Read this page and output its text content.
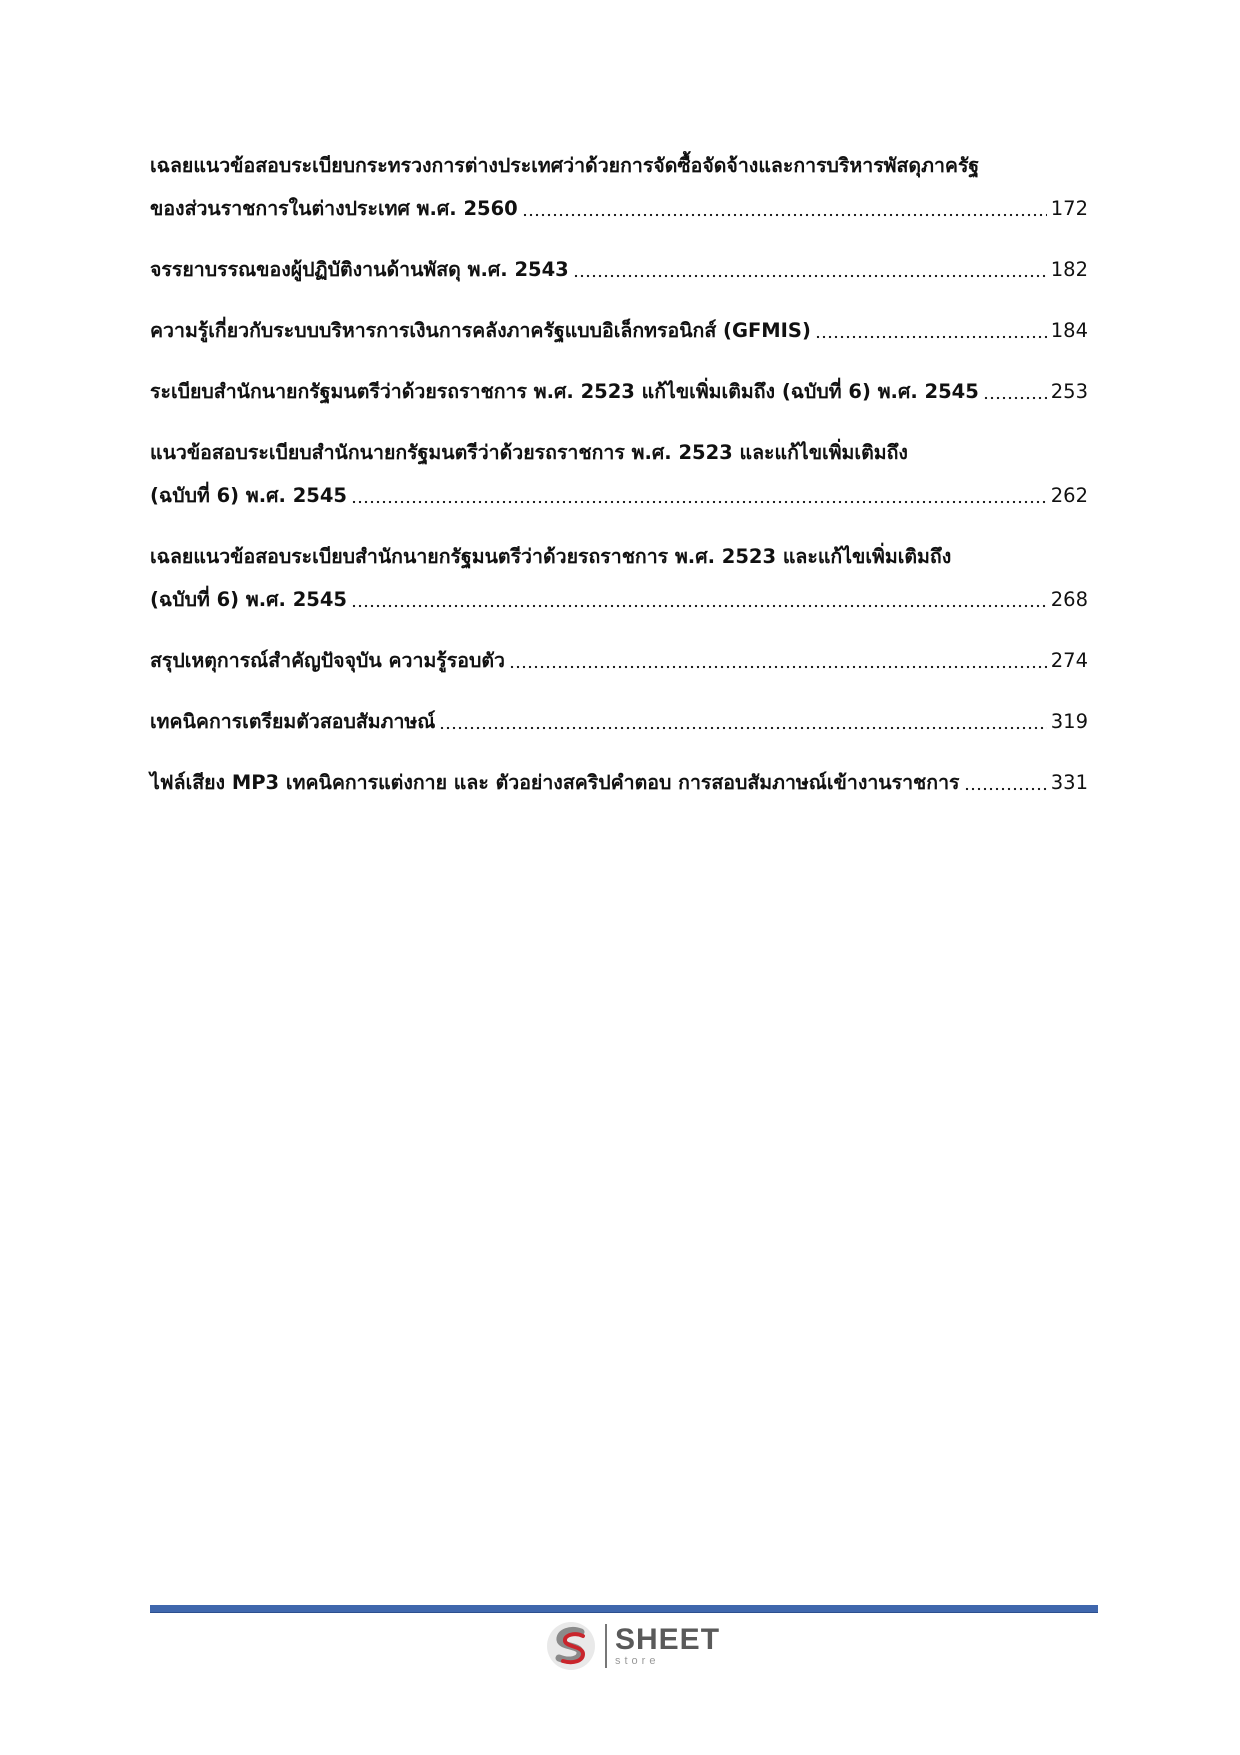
เฉลยแนวข้อสอบระเบียบกระทรวงการต่างประเทศว่าด้วยการจัดซื้อจัดจ้างและการบริหารพัสดุภาครัฐ
ของส่วนราชการในต่างประเทศ พ.ศ. 2560	172
จรรยาบรรณของผู้ปฏิบัติงานด้านพัสดุ พ.ศ. 2543	182
ความรู้เกี่ยวกับระบบบริหารการเงินการคลังภาครัฐแบบอิเล็กทรอนิกส์ (GFMIS)	184
ระเบียบสำนักนายกรัฐมนตรีว่าด้วยรถราชการ พ.ศ. 2523 แก้ไขเพิ่มเติมถึง (ฉบับที่ 6) พ.ศ. 2545	253
แนวข้อสอบระเบียบสำนักนายกรัฐมนตรีว่าด้วยรถราชการ พ.ศ. 2523 และแก้ไขเพิ่มเติมถึง
(ฉบับที่ 6) พ.ศ. 2545	262
เฉลยแนวข้อสอบระเบียบสำนักนายกรัฐมนตรีว่าด้วยรถราชการ พ.ศ. 2523 และแก้ไขเพิ่มเติมถึง
(ฉบับที่ 6) พ.ศ. 2545	268
สรุปเหตุการณ์สำคัญปัจจุบัน ความรู้รอบตัว	274
เทคนิคการเตรียมตัวสอบสัมภาษณ์	319
ไฟล์เสียง MP3 เทคนิคการแต่งกาย และ ตัวอย่างสคริปคำตอบ การสอบสัมภาษณ์เข้างานราชการ	331
SHEET
store
